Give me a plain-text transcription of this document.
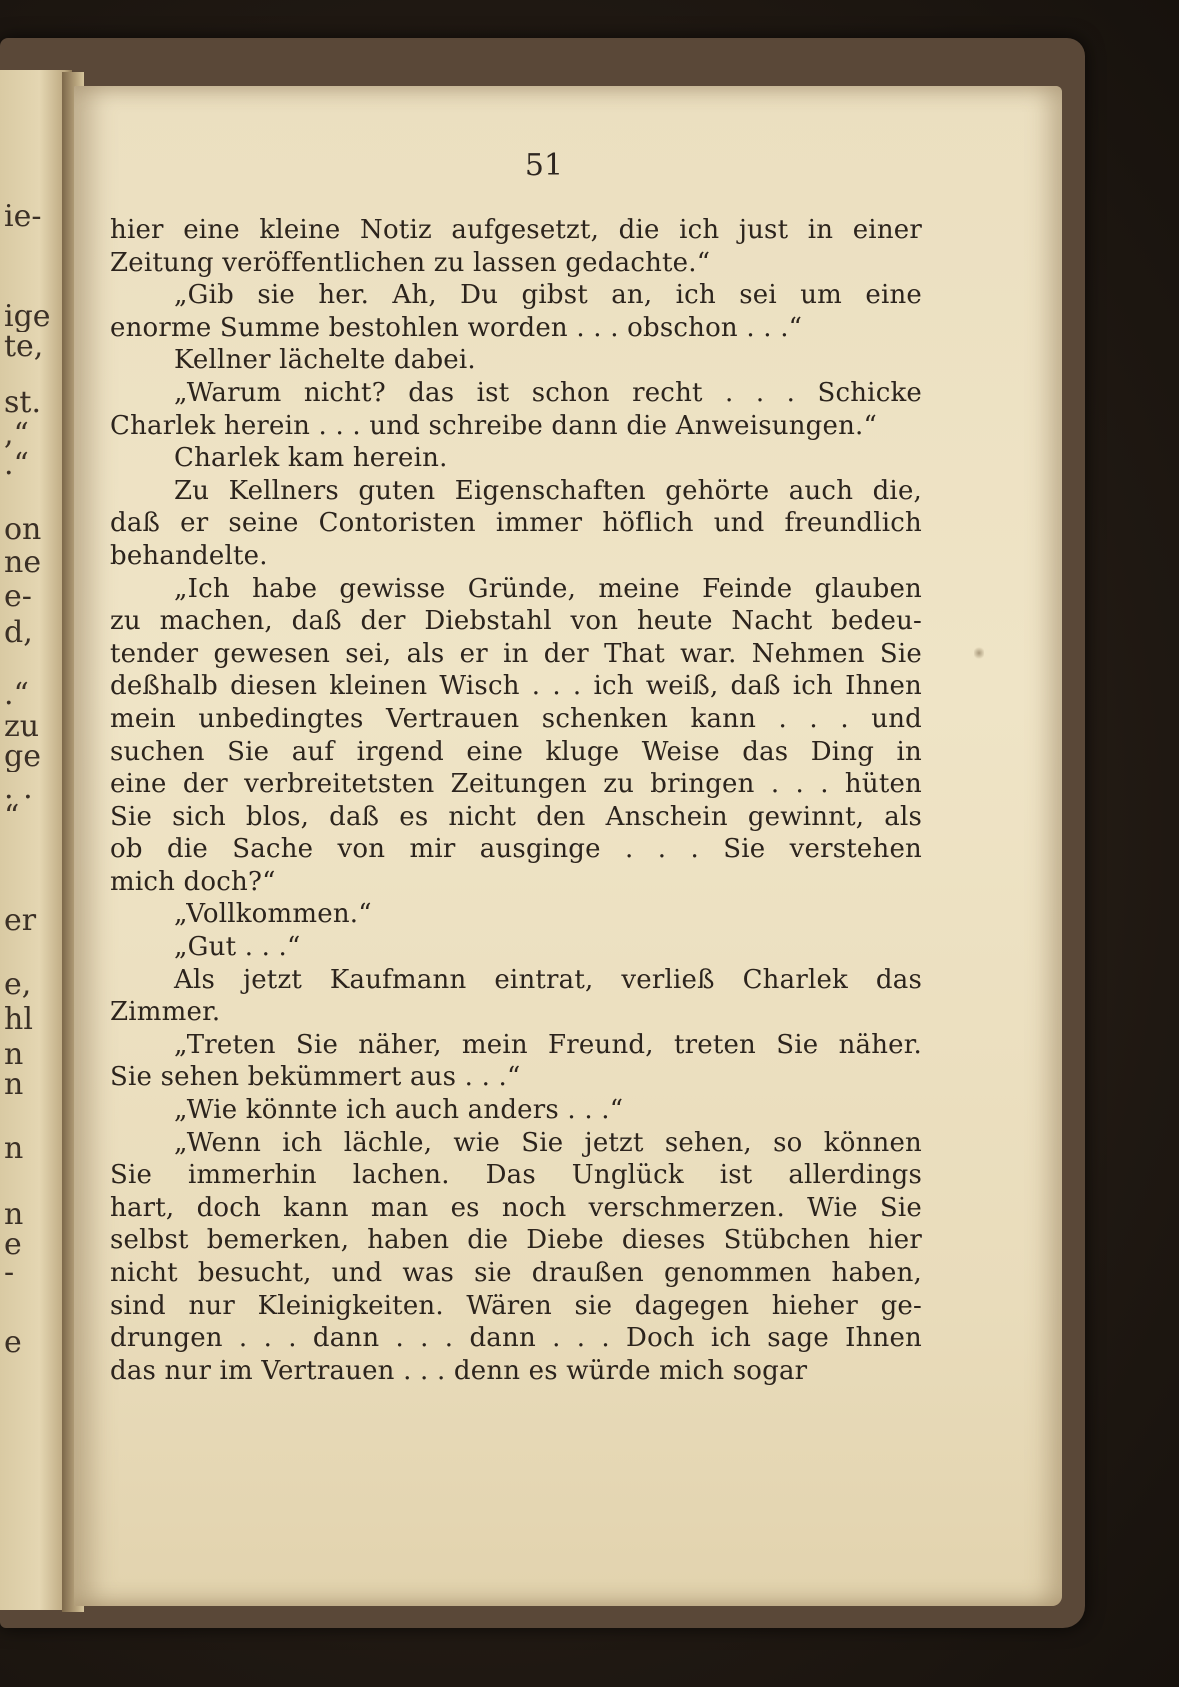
ie-
ige
te,
st.
,“
.“
on
ne
e-
d,
.“
zu
ge
. .
“
er
e,
hl
n
n
n
n
e
-
e
51
hier eine kleine Notiz aufgesetzt, die ich just in einer
Zeitung veröffentlichen zu lassen gedachte.“
„Gib sie her. Ah, Du gibst an, ich sei um eine
enorme Summe bestohlen worden . . . obschon . . .“
Kellner lächelte dabei.
„Warum nicht? das ist schon recht . . . Schicke
Charlek herein . . . und schreibe dann die Anweisungen.“
Charlek kam herein.
Zu Kellners guten Eigenschaften gehörte auch die,
daß er seine Contoristen immer höflich und freundlich
behandelte.
„Ich habe gewisse Gründe, meine Feinde glauben
zu machen, daß der Diebstahl von heute Nacht bedeu-
tender gewesen sei, als er in der That war. Nehmen Sie
deßhalb diesen kleinen Wisch . . . ich weiß, daß ich Ihnen
mein unbedingtes Vertrauen schenken kann . . . und
suchen Sie auf irgend eine kluge Weise das Ding in
eine der verbreitetsten Zeitungen zu bringen . . . hüten
Sie sich blos, daß es nicht den Anschein gewinnt, als
ob die Sache von mir ausginge . . . Sie verstehen
mich doch?“
„Vollkommen.“
„Gut . . .“
Als jetzt Kaufmann eintrat, verließ Charlek das
Zimmer.
„Treten Sie näher, mein Freund, treten Sie näher.
Sie sehen bekümmert aus . . .“
„Wie könnte ich auch anders . . .“
„Wenn ich lächle, wie Sie jetzt sehen, so können
Sie immerhin lachen. Das Unglück ist allerdings
hart, doch kann man es noch verschmerzen. Wie Sie
selbst bemerken, haben die Diebe dieses Stübchen hier
nicht besucht, und was sie draußen genommen haben,
sind nur Kleinigkeiten. Wären sie dagegen hieher ge-
drungen . . . dann . . . dann . . . Doch ich sage Ihnen
das nur im Vertrauen . . . denn es würde mich sogar
